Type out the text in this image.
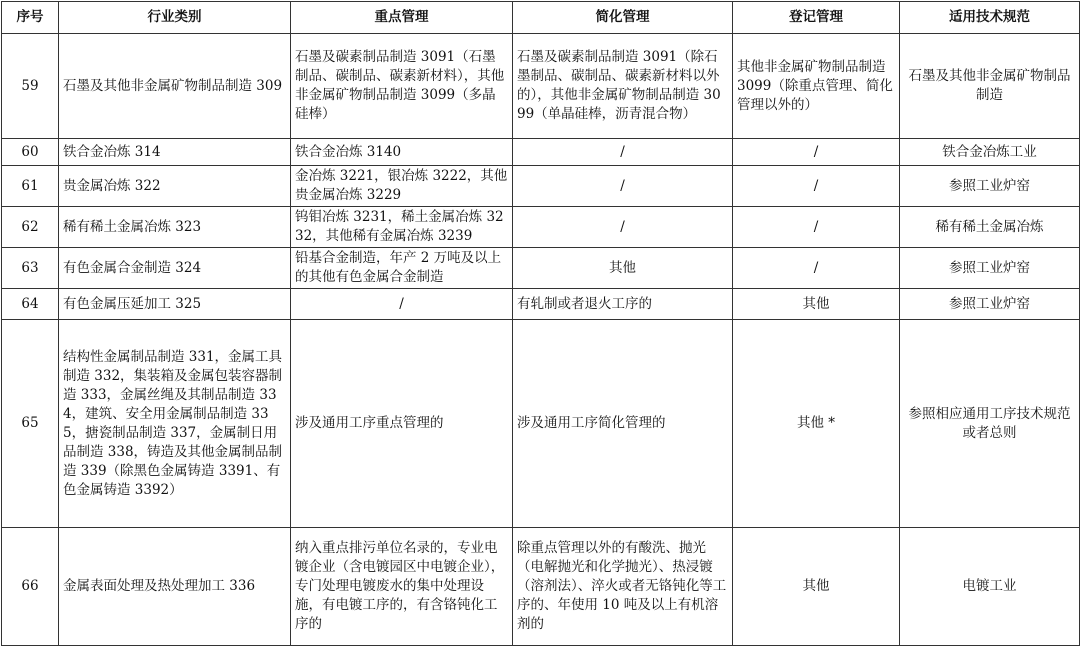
序号	行业类别	重点管理	简化管理	登记管理	适用技术规范
59	石墨及其他非金属矿物制品制造 309	石墨及碳素制品制造 3091（石墨制品、碳制品、碳素新材料），其他非金属矿物制品制造 3099（多晶硅棒）	石墨及碳素制品制造 3091（除石墨制品、碳制品、碳素新材料以外的），其他非金属矿物制品制造 3099（单晶硅棒，沥青混合物）	其他非金属矿物制品制造 3099（除重点管理、简化管理以外的）	石墨及其他非金属矿物制品制造
60	铁合金冶炼 314	铁合金冶炼 3140	/	/	铁合金冶炼工业
61	贵金属冶炼 322	金冶炼 3221，银冶炼 3222，其他贵金属冶炼 3229	/	/	参照工业炉窑
62	稀有稀土金属冶炼 323	钨钼冶炼 3231，稀土金属冶炼 3232，其他稀有金属冶炼 3239	/	/	稀有稀土金属冶炼
63	有色金属合金制造 324	铅基合金制造，年产 2 万吨及以上的其他有色金属合金制造	其他	/	参照工业炉窑
64	有色金属压延加工 325	/	有轧制或者退火工序的	其他	参照工业炉窑
65	结构性金属制品制造 331，金属工具制造 332，集装箱及金属包装容器制造 333，金属丝绳及其制品制造 334，建筑、安全用金属制品制造 335，搪瓷制品制造 337，金属制日用品制造 338，铸造及其他金属制品制造 339（除黑色金属铸造 3391、有色金属铸造 3392）	涉及通用工序重点管理的	涉及通用工序简化管理的	其他 *	参照相应通用工序技术规范或者总则
66	金属表面处理及热处理加工 336	纳入重点排污单位名录的，专业电镀企业（含电镀园区中电镀企业），专门处理电镀废水的集中处理设施，有电镀工序的，有含铬钝化工序的	除重点管理以外的有酸洗、抛光（电解抛光和化学抛光）、热浸镀（溶剂法）、淬火或者无铬钝化等工序的、年使用 10 吨及以上有机溶剂的	其他	电镀工业
